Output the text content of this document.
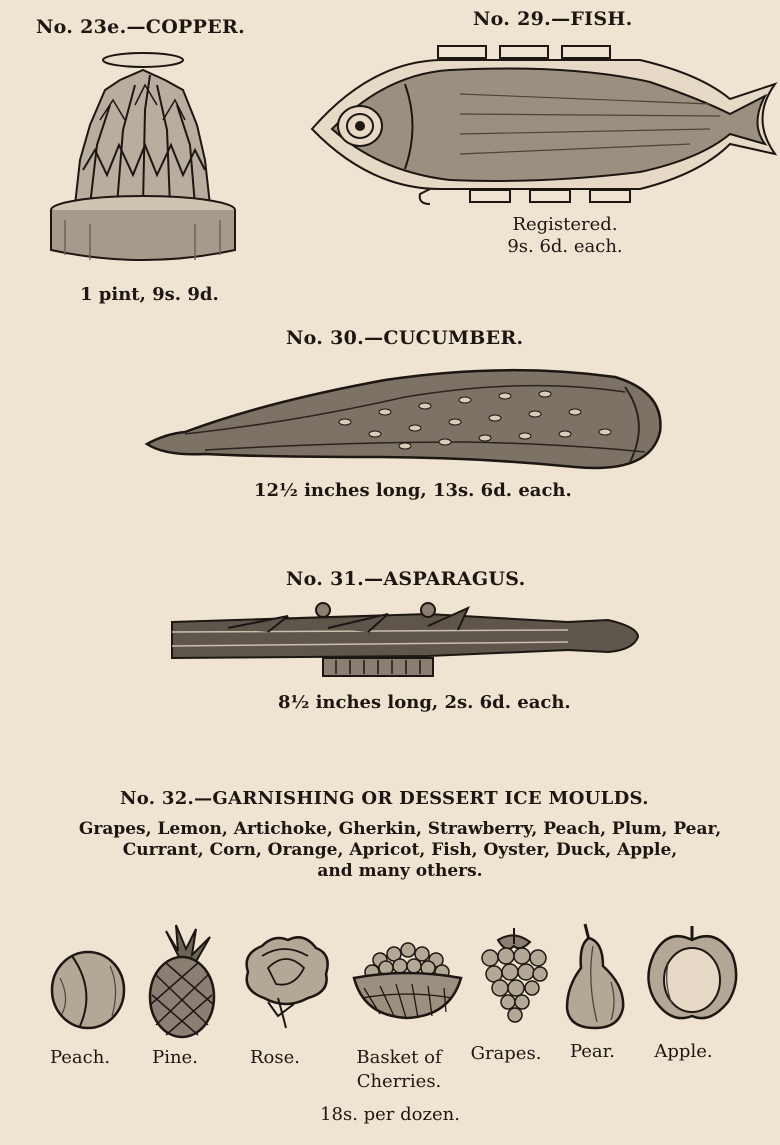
No. 23e.—COPPER.
1 pint, 9s. 9d.
No. 29.—FISH.
Registered.
9s. 6d. each.
No. 30.—CUCUMBER.
12½ inches long, 13s. 6d. each.
No. 31.—ASPARAGUS.
8½ inches long, 2s. 6d. each.
No. 32.—GARNISHING OR DESSERT ICE MOULDS.
Grapes, Lemon, Artichoke, Gherkin, Strawberry, Peach, Plum, Pear,
Currant, Corn, Orange, Apricot, Fish, Oyster, Duck, Apple,
and many others.
Peach.	Pine.	Rose.	Basket of Cherries.
Grapes.	Pear.	Apple.
18s. per dozen.
